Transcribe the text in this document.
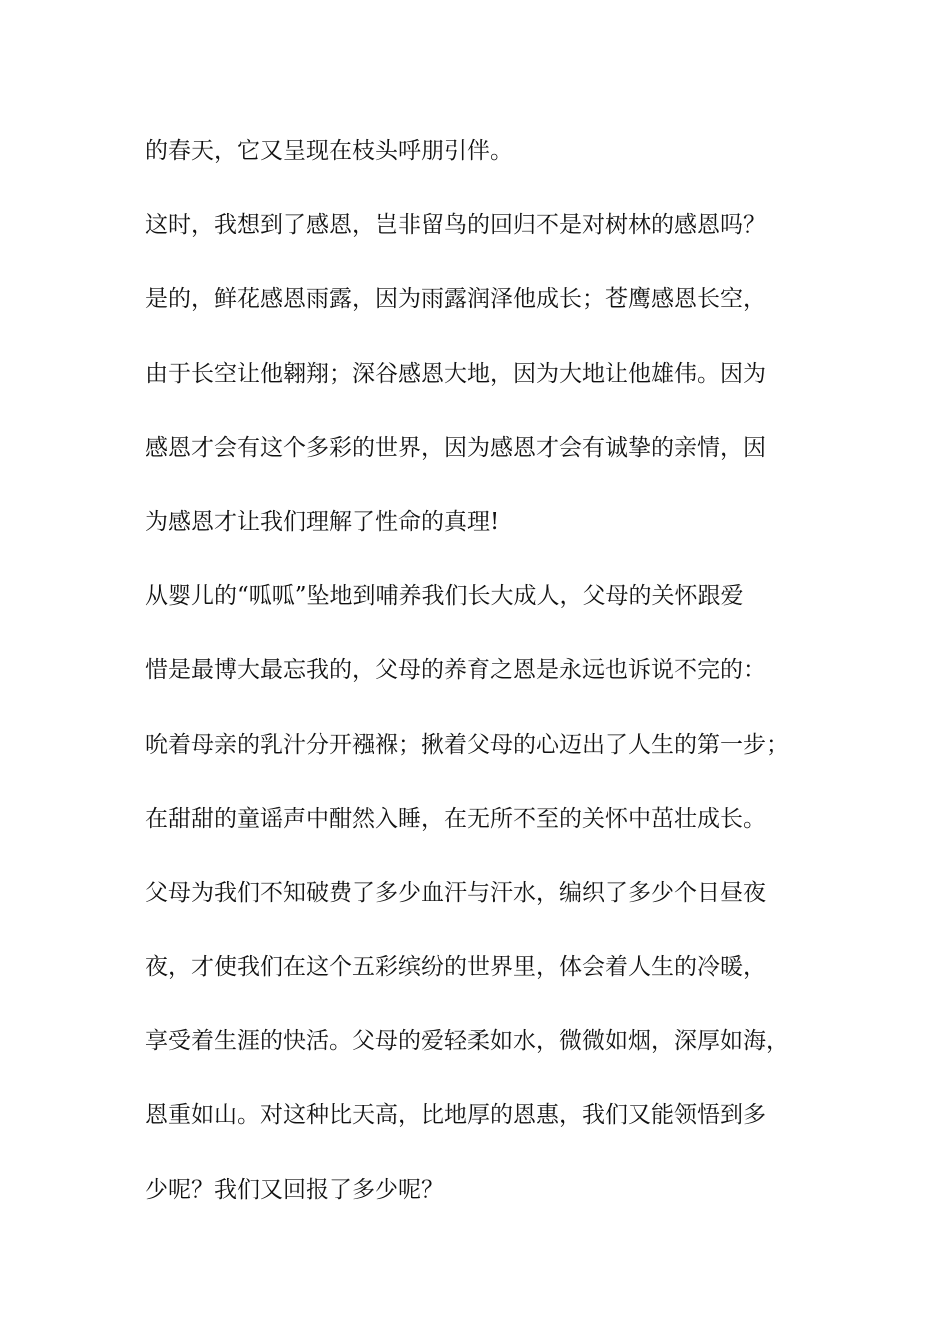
的春天，它又呈现在枝头呼朋引伴。
这时，我想到了感恩，岂非留鸟的回归不是对树林的感恩吗？
是的，鲜花感恩雨露，因为雨露润泽他成长；苍鹰感恩长空，
由于长空让他翱翔；深谷感恩大地，因为大地让他雄伟。因为
感恩才会有这个多彩的世界，因为感恩才会有诚挚的亲情，因
为感恩才让我们理解了性命的真理!
从婴儿的“呱呱”坠地到哺养我们长大成人，父母的关怀跟爱
惜是最博大最忘我的，父母的养育之恩是永远也诉说不完的：
吮着母亲的乳汁分开襁褓；揪着父母的心迈出了人生的第一步；
在甜甜的童谣声中酣然入睡，在无所不至的关怀中茁壮成长。
父母为我们不知破费了多少血汗与汗水，编织了多少个日昼夜
夜，才使我们在这个五彩缤纷的世界里，体会着人生的冷暖，
享受着生涯的快活。父母的爱轻柔如水，微微如烟，深厚如海，
恩重如山。对这种比天高，比地厚的恩惠，我们又能领悟到多
少呢？我们又回报了多少呢？
